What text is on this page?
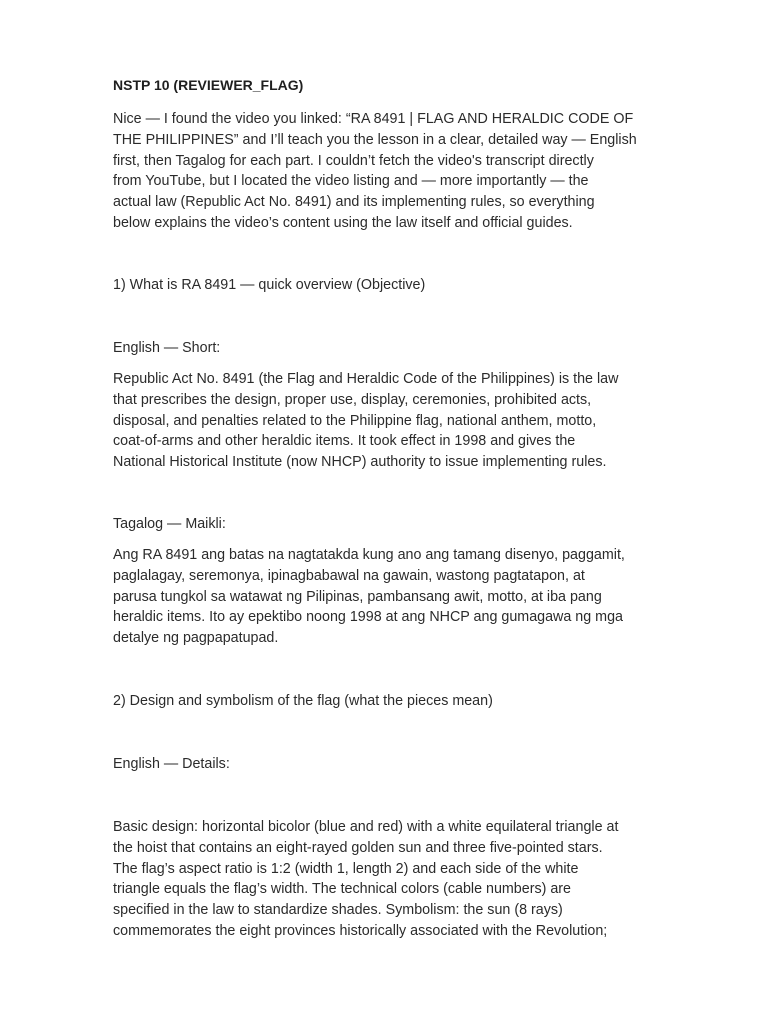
NSTP 10 (REVIEWER_FLAG)
Nice — I found the video you linked: “RA 8491 | FLAG AND HERALDIC CODE OF
THE PHILIPPINES” and I’ll teach you the lesson in a clear, detailed way — English
first, then Tagalog for each part. I couldn’t fetch the video's transcript directly
from YouTube, but I located the video listing and — more importantly — the
actual law (Republic Act No. 8491) and its implementing rules, so everything
below explains the video’s content using the law itself and official guides.
1) What is RA 8491 — quick overview (Objective)
English — Short:
Republic Act No. 8491 (the Flag and Heraldic Code of the Philippines) is the law
that prescribes the design, proper use, display, ceremonies, prohibited acts,
disposal, and penalties related to the Philippine flag, national anthem, motto,
coat-of-arms and other heraldic items. It took effect in 1998 and gives the
National Historical Institute (now NHCP) authority to issue implementing rules.
Tagalog — Maikli:
Ang RA 8491 ang batas na nagtatakda kung ano ang tamang disenyo, paggamit,
paglalagay, seremonya, ipinagbabawal na gawain, wastong pagtatapon, at
parusa tungkol sa watawat ng Pilipinas, pambansang awit, motto, at iba pang
heraldic items. Ito ay epektibo noong 1998 at ang NHCP ang gumagawa ng mga
detalye ng pagpapatupad.
2) Design and symbolism of the flag (what the pieces mean)
English — Details:
Basic design: horizontal bicolor (blue and red) with a white equilateral triangle at
the hoist that contains an eight-rayed golden sun and three five-pointed stars.
The flag’s aspect ratio is 1:2 (width 1, length 2) and each side of the white
triangle equals the flag’s width. The technical colors (cable numbers) are
specified in the law to standardize shades. Symbolism: the sun (8 rays)
commemorates the eight provinces historically associated with the Revolution;
